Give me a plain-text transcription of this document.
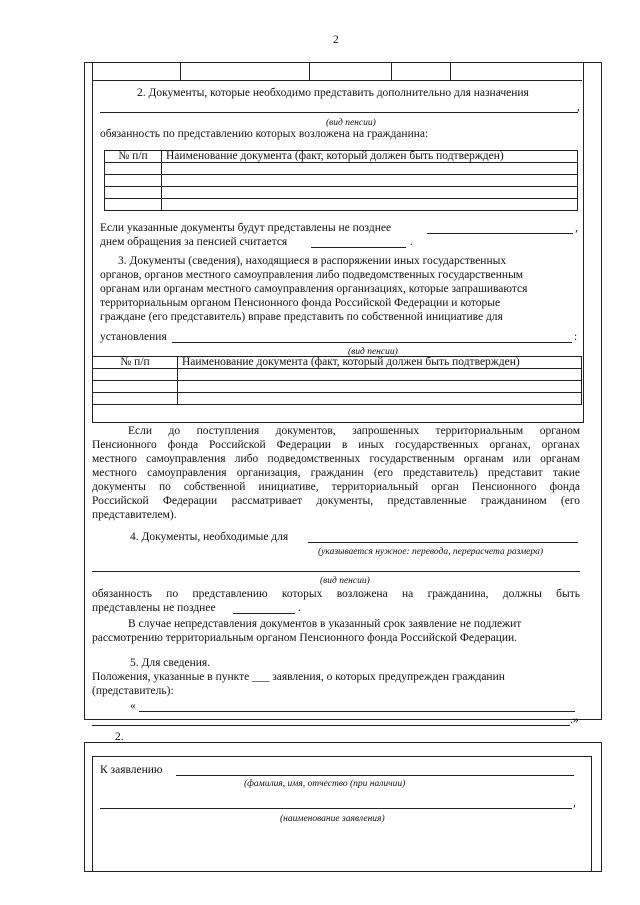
2
2. Документы, которые необходимо представить дополнительно для назначения
,
(вид пенсии)
обязанность по представлению которых возложена на гражданина:
№ п/п	Наименование документа (факт, который должен быть подтвержден)

Если указанные документы будут представлены не позднее	,
днем обращения за пенсией считается	.
3. Документы (сведения), находящиеся в распоряжении иных государственных
органов, органов местного самоуправления либо подведомственных государственным
органам или органам местного самоуправления организациях, которые запрашиваются
территориальным органом Пенсионного фонда Российской Федерации и которые
граждане (его представитель) вправе представить по собственной инициативе для
установления	:
(вид пенсии)
№ п/п	Наименование документа (факт, который должен быть подтвержден)

Если до поступления документов, запрошенных территориальным органом
Пенсионного фонда Российской Федерации в иных государственных органах, органах
местного самоуправления либо подведомственных государственным органам или органам
местного самоуправления организация, гражданин (его представитель) представит такие
документы по собственной инициативе, территориальный орган Пенсионного фонда
Российской Федерации рассматривает документы, представленные гражданином (его
представителем).
4. Документы, необходимые для
(указывается нужное: перевода, перерасчета размера)
(вид пенсии)
обязанность по представлению которых возложена на гражданина, должны быть
представлены не позднее	.
В случае непредставления документов в указанный срок заявление не подлежит
рассмотрению территориальным органом Пенсионного фонда Российской Федерации.
5. Для сведения.
Положения, указанные в пункте ___ заявления, о которых предупрежден гражданин
(представитель):
«
.»
2.
К заявлению
(фамилия, имя, отчество (при наличии)
,
(наименование заявления)
